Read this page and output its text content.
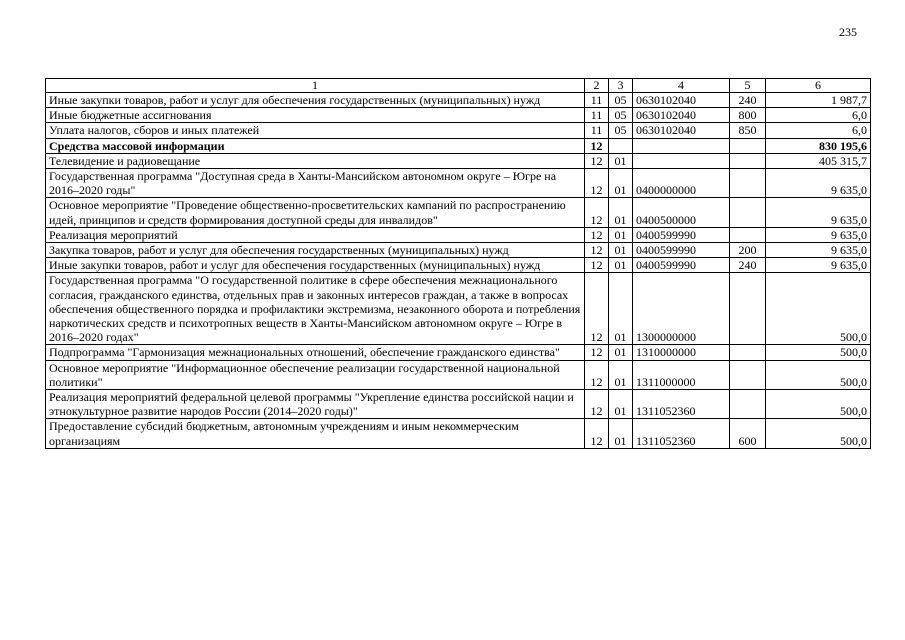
235
1	2	3	4	5	6
Иные закупки товаров, работ и услуг для обеспечения государственных (муниципальных) нужд	11	05	0630102040	240	1 987,7
Иные бюджетные ассигнования	11	05	0630102040	800	6,0
Уплата налогов, сборов и иных платежей	11	05	0630102040	850	6,0
Средства массовой информации	12				830 195,6
Телевидение и радиовещание	12	01			405 315,7
Государственная программа "Доступная среда в Ханты-Мансийском автономном округе – Югре на 2016–2020 годы"	12	01	0400000000		9 635,0
Основное мероприятие "Проведение общественно-просветительских кампаний по распространению идей, принципов и средств формирования доступной среды для инвалидов"	12	01	0400500000		9 635,0
Реализация мероприятий	12	01	0400599990		9 635,0
Закупка товаров, работ и услуг для обеспечения государственных (муниципальных) нужд	12	01	0400599990	200	9 635,0
Иные закупки товаров, работ и услуг для обеспечения государственных (муниципальных) нужд	12	01	0400599990	240	9 635,0
Государственная программа "О государственной политике в сфере обеспечения межнационального согласия, гражданского единства, отдельных прав и законных интересов граждан, а также в вопросах обеспечения общественного порядка и профилактики экстремизма, незаконного оборота и потребления наркотических средств и психотропных веществ в Ханты-Мансийском автономном округе – Югре в 2016–2020 годах"	12	01	1300000000		500,0
Подпрограмма "Гармонизация межнациональных отношений, обеспечение гражданского единства"	12	01	1310000000		500,0
Основное мероприятие "Информационное обеспечение реализации государственной национальной политики"	12	01	1311000000		500,0
Реализация мероприятий федеральной целевой программы "Укрепление единства российской нации и этнокультурное развитие народов России (2014–2020 годы)"	12	01	1311052360		500,0
Предоставление субсидий бюджетным, автономным учреждениям и иным некоммерческим организациям	12	01	1311052360	600	500,0
